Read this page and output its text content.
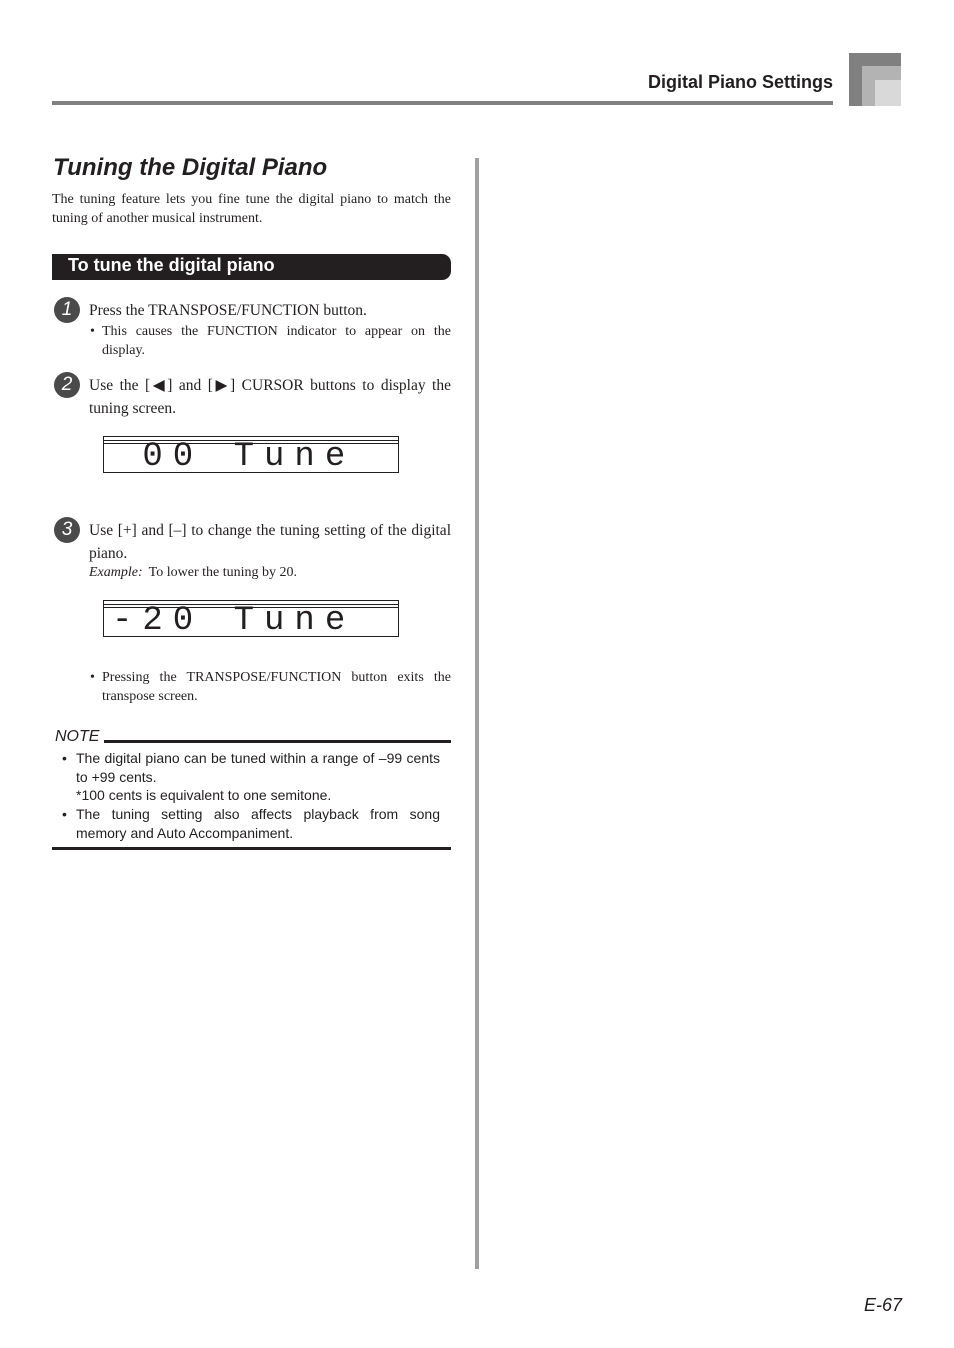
Digital Piano Settings
Tuning the Digital Piano
The tuning feature lets you fine tune the digital piano to match the tuning of another musical instrument.
To tune the digital piano
1	Press the TRANSPOSE/FUNCTION button.
• This causes the FUNCTION indicator to appear on the display.
2	Use the [◀] and [▶] CURSOR buttons to display the tuning screen.
00 Tune
3	Use [+] and [–] to change the tuning setting of the digital piano.
Example: To lower the tuning by 20.
-20 Tune
• Pressing the TRANSPOSE/FUNCTION button exits the transpose screen.
NOTE
• The digital piano can be tuned within a range of –99 cents to +99 cents.
*100 cents is equivalent to one semitone.
• The tuning setting also affects playback from song memory and Auto Accompaniment.
E-67
